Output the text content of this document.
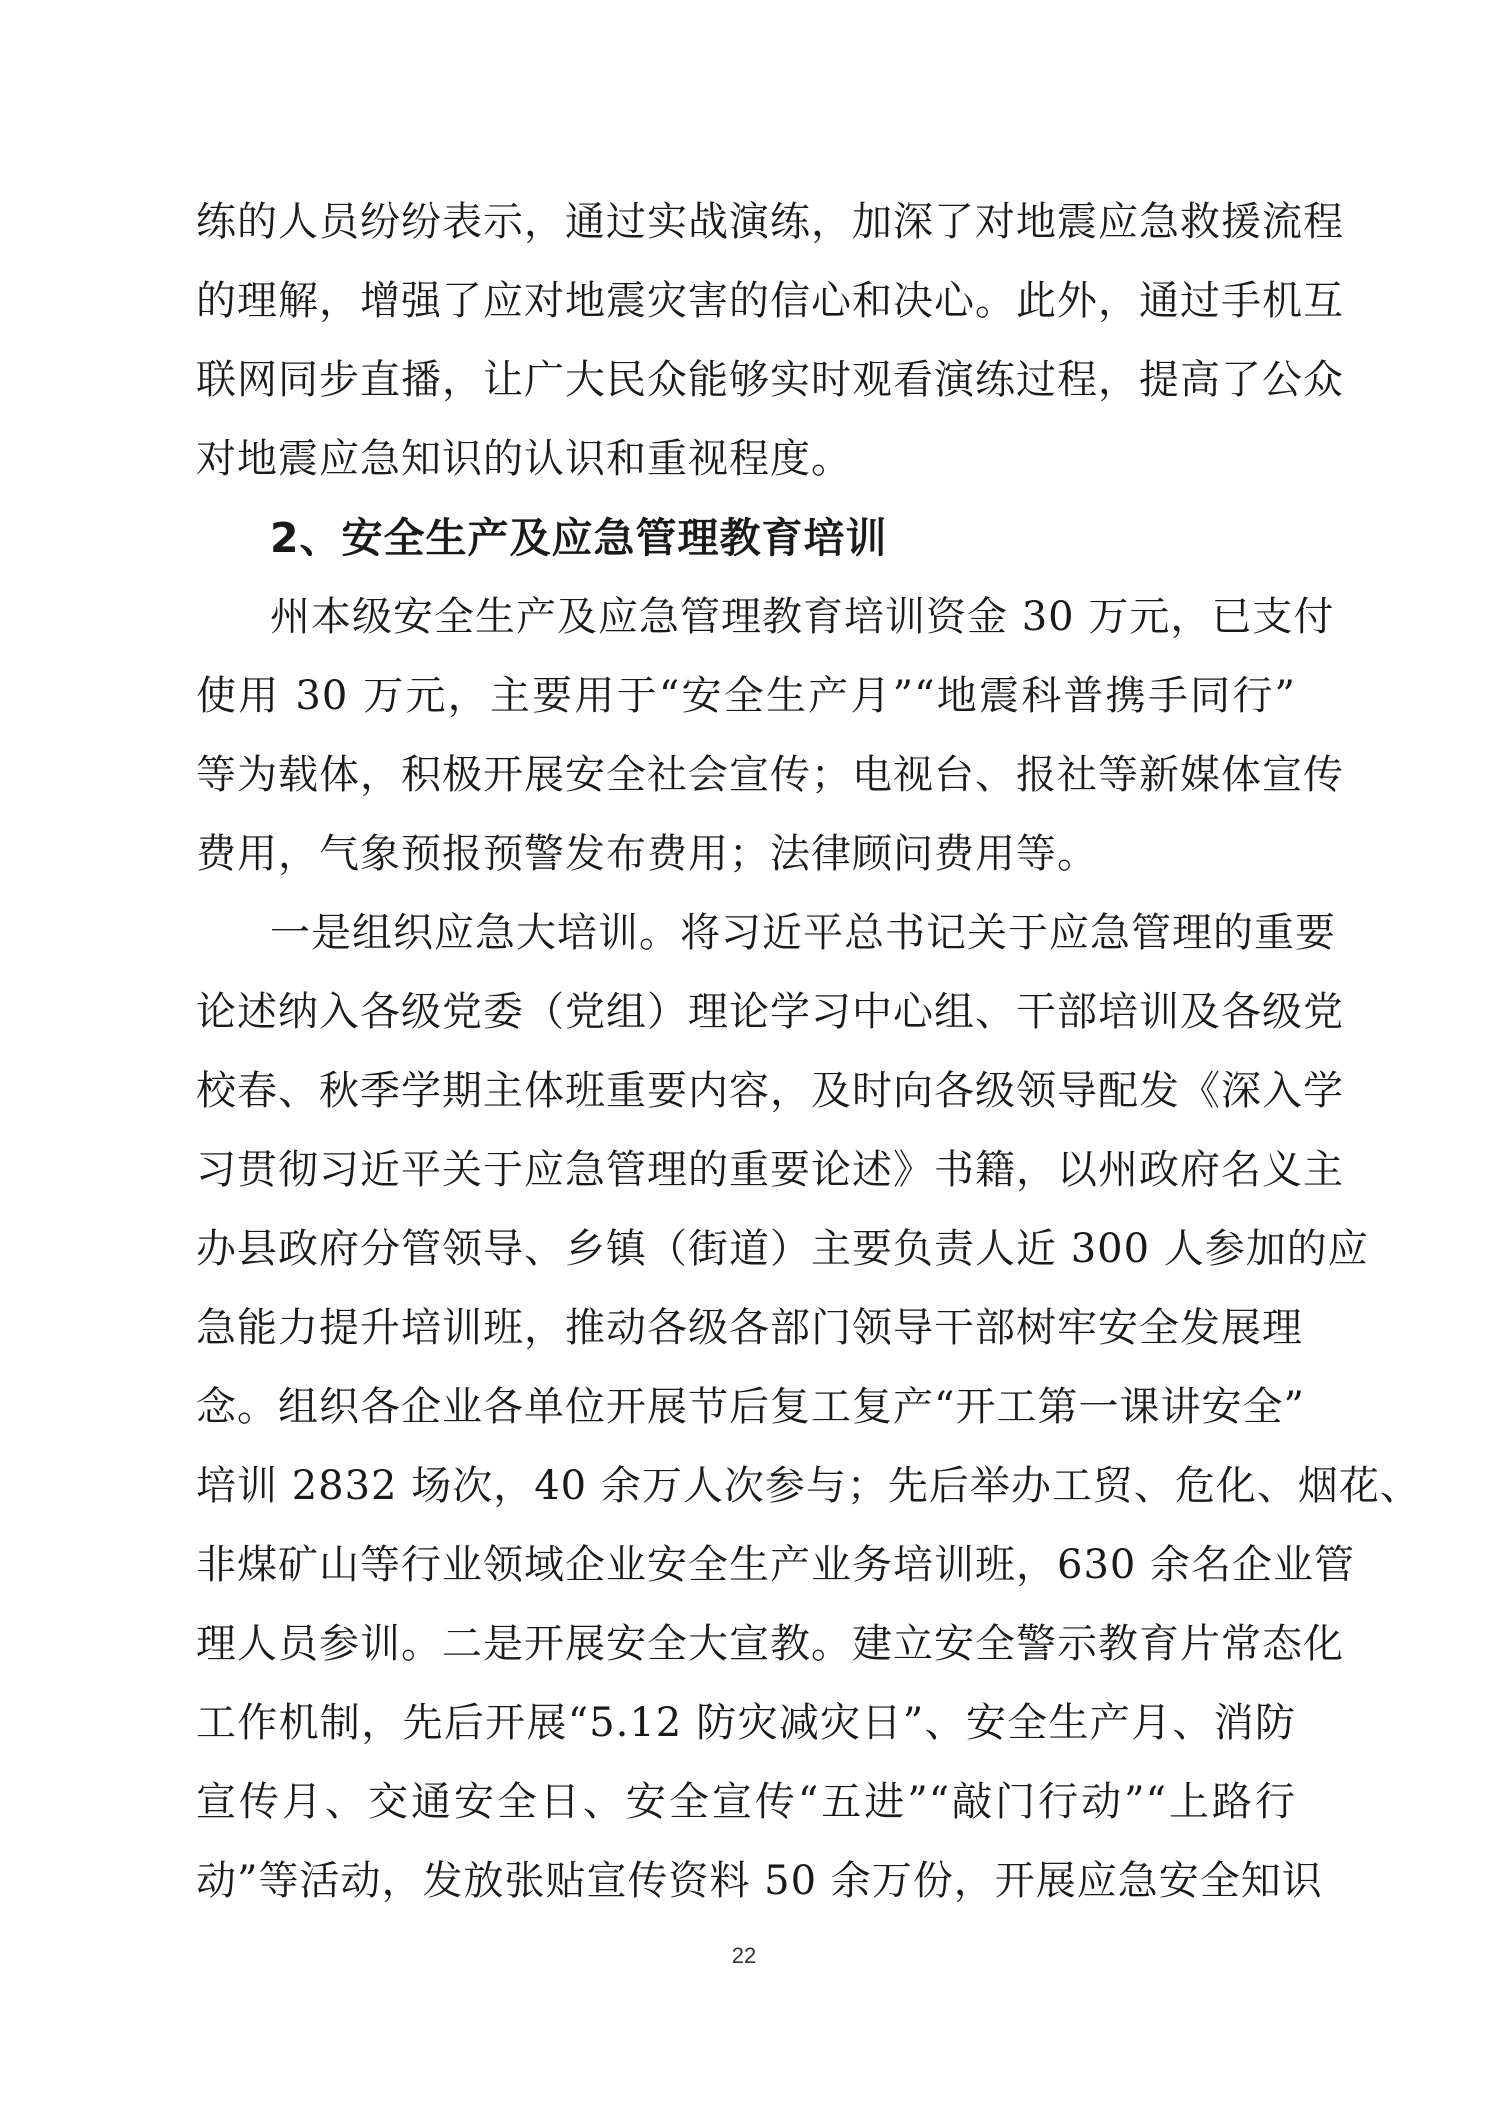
练的人员纷纷表示，通过实战演练，加深了对地震应急救援流程
的理解，增强了应对地震灾害的信心和决心。此外，通过手机互
联网同步直播，让广大民众能够实时观看演练过程，提高了公众
对地震应急知识的认识和重视程度。
2、安全生产及应急管理教育培训
州本级安全生产及应急管理教育培训资金 30 万元，已支付
使用 30 万元，主要用于“安全生产月”“地震科普携手同行”
等为载体，积极开展安全社会宣传；电视台、报社等新媒体宣传
费用，气象预报预警发布费用；法律顾问费用等。
一是组织应急大培训。将习近平总书记关于应急管理的重要
论述纳入各级党委（党组）理论学习中心组、干部培训及各级党
校春、秋季学期主体班重要内容，及时向各级领导配发《深入学
习贯彻习近平关于应急管理的重要论述》书籍，以州政府名义主
办县政府分管领导、乡镇（街道）主要负责人近 300 人参加的应
急能力提升培训班，推动各级各部门领导干部树牢安全发展理
念。组织各企业各单位开展节后复工复产“开工第一课讲安全”
培训 2832 场次，40 余万人次参与；先后举办工贸、危化、烟花、
非煤矿山等行业领域企业安全生产业务培训班，630 余名企业管
理人员参训。二是开展安全大宣教。建立安全警示教育片常态化
工作机制，先后开展“5.12 防灾减灾日”、安全生产月、消防
宣传月、交通安全日、安全宣传“五进”“敲门行动”“上路行
动”等活动，发放张贴宣传资料 50 余万份，开展应急安全知识
22
